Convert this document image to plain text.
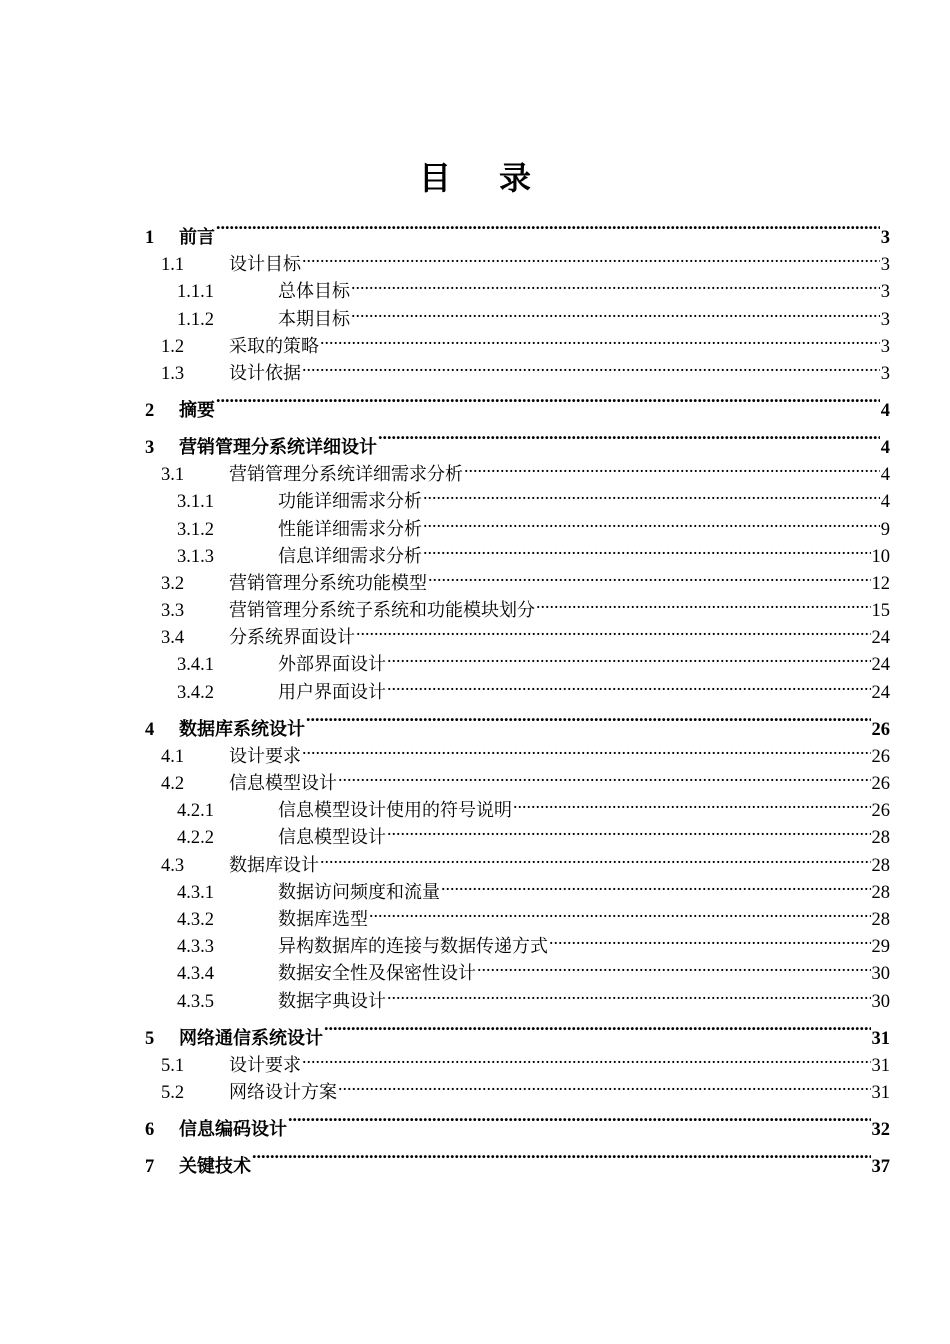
目 录
1	前言 .....	3
1.1	设计目标 .....	3
1.1.1	总体目标 .....	3
1.1.2	本期目标 .....	3
1.2	采取的策略 .....	3
1.3	设计依据 .....	3
2	摘要 .....	4
3	营销管理分系统详细设计 .....	4
3.1	营销管理分系统详细需求分析 .....	4
3.1.1	功能详细需求分析 .....	4
3.1.2	性能详细需求分析 .....	9
3.1.3	信息详细需求分析 .....	10
3.2	营销管理分系统功能模型 .....	12
3.3	营销管理分系统子系统和功能模块划分 .....	15
3.4	分系统界面设计 .....	24
3.4.1	外部界面设计 .....	24
3.4.2	用户界面设计 .....	24
4	数据库系统设计 .....	26
4.1	设计要求 .....	26
4.2	信息模型设计 .....	26
4.2.1	信息模型设计使用的符号说明 .....	26
4.2.2	信息模型设计 .....	28
4.3	数据库设计 .....	28
4.3.1	数据访问频度和流量 .....	28
4.3.2	数据库选型 .....	28
4.3.3	异构数据库的连接与数据传递方式 .....	29
4.3.4	数据安全性及保密性设计 .....	30
4.3.5	数据字典设计 .....	30
5	网络通信系统设计 .....	31
5.1	设计要求 .....	31
5.2	网络设计方案 .....	31
6	信息编码设计 .....	32
7	关键技术 .....	37
